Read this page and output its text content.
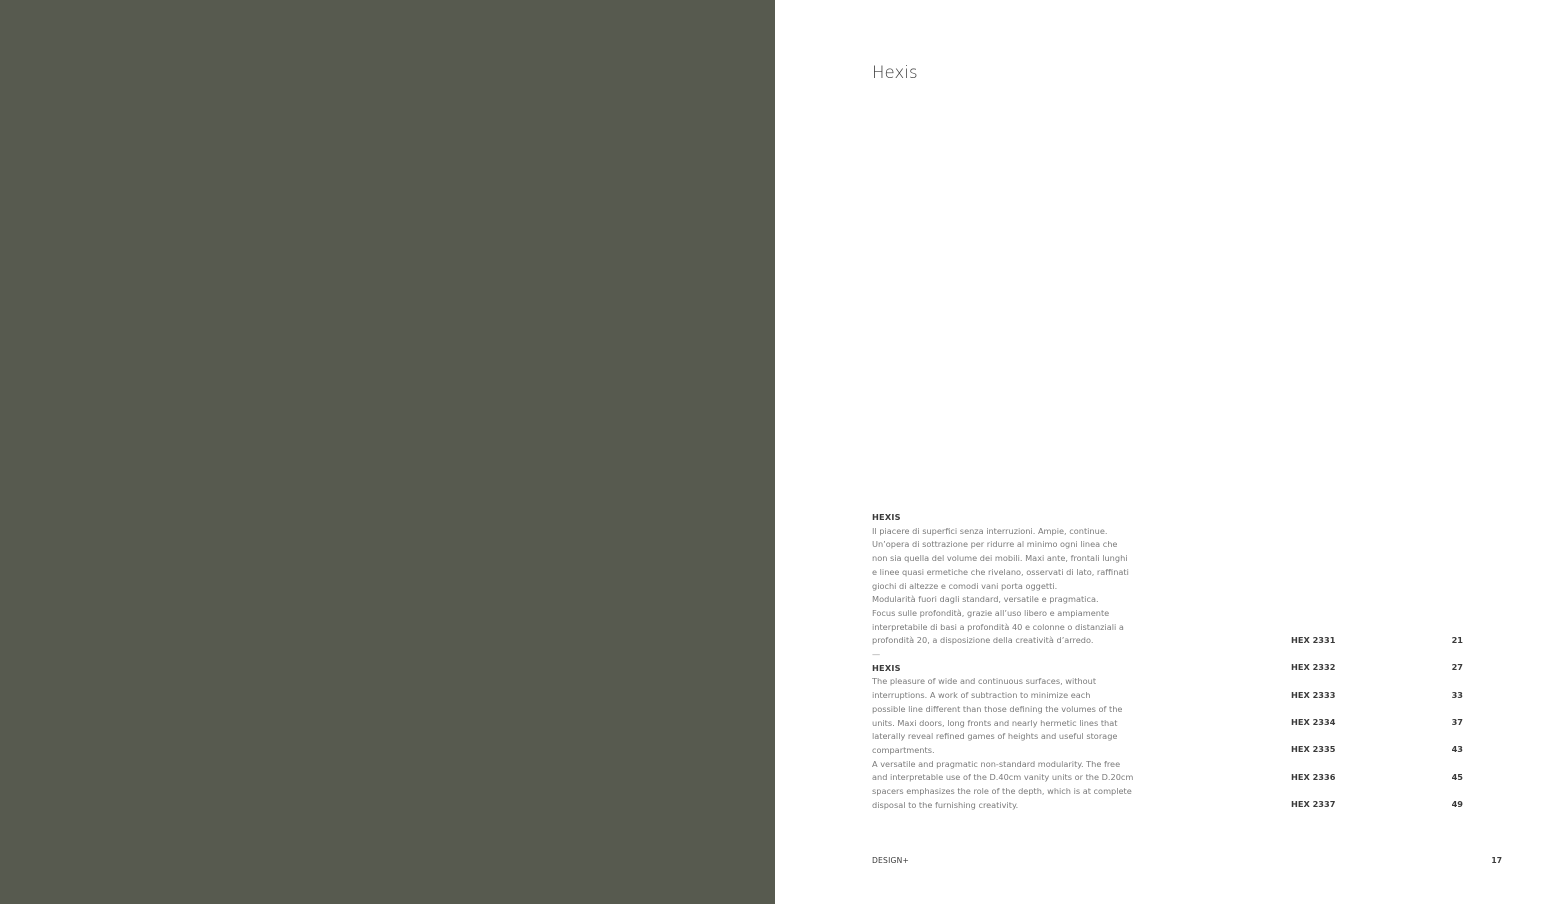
Hexis
HEXIS
Il piacere di superfici senza interruzioni. Ampie, continue.
Un’opera di sottrazione per ridurre al minimo ogni linea che
non sia quella del volume dei mobili. Maxi ante, frontali lunghi
e linee quasi ermetiche che rivelano, osservati di lato, raffinati
giochi di altezze e comodi vani porta oggetti.
Modularità fuori dagli standard, versatile e pragmatica.
Focus sulle profondità, grazie all’uso libero e ampiamente
interpretabile di basi a profondità 40 e colonne o distanziali a
profondità 20, a disposizione della creatività d’arredo.
—
HEXIS
The pleasure of wide and continuous surfaces, without
interruptions. A work of subtraction to minimize each
possible line different than those defining the volumes of the
units. Maxi doors, long fronts and nearly hermetic lines that
laterally reveal refined games of heights and useful storage
compartments.
A versatile and pragmatic non-standard modularity. The free
and interpretable use of the D.40cm vanity units or the D.20cm
spacers emphasizes the role of the depth, which is at complete
disposal to the furnishing creativity.
HEX 2331	21
HEX 2332	27
HEX 2333	33
HEX 2334	37
HEX 2335	43
HEX 2336	45
HEX 2337	49
DESIGN+	17
